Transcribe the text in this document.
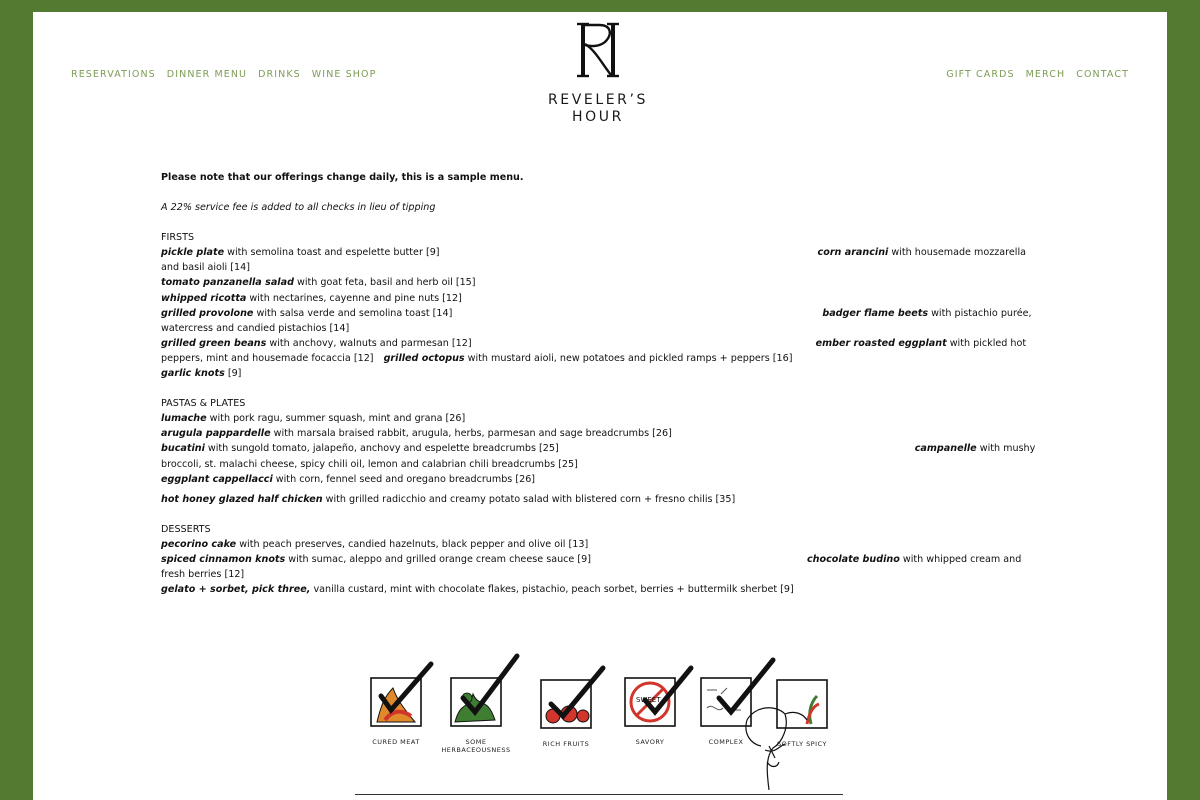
RESERVATIONS DINNER MENU DRINKS WINE SHOP
REVELER’S
HOUR
GIFT CARDS MERCH CONTACT
Please note that our offerings change daily, this is a sample menu.
A 22% service fee is added to all checks in lieu of tipping
FIRSTS
pickle plate with semolina toast and espelette butter [9]	corn arancini with housemade mozzarella and basil aioli [14]
tomato panzanella salad with goat feta, basil and herb oil [15]
whipped ricotta with nectarines, cayenne and pine nuts [12]
grilled provolone with salsa verde and semolina toast [14]	badger flame beets with pistachio purée, watercress and candied pistachios [14]
grilled green beans with anchovy, walnuts and parmesan [12]	ember roasted eggplant with pickled hot peppers, mint and housemade focaccia [12] grilled octopus with mustard aioli, new potatoes and pickled ramps + peppers [16]
garlic knots [9]
PASTAS & PLATES
lumache with pork ragu, summer squash, mint and grana [26]
arugula pappardelle with marsala braised rabbit, arugula, herbs, parmesan and sage breadcrumbs [26]
bucatini with sungold tomato, jalapeño, anchovy and espelette breadcrumbs [25]	campanelle with mushy broccoli, st. malachi cheese, spicy chili oil, lemon and calabrian chili breadcrumbs [25]
eggplant cappellacci with corn, fennel seed and oregano breadcrumbs [26]
hot honey glazed half chicken with grilled radicchio and creamy potato salad with blistered corn + fresno chilis [35]
DESSERTS
pecorino cake with peach preserves, candied hazelnuts, black pepper and olive oil [13]
spiced cinnamon knots with sumac, aleppo and grilled orange cream cheese sauce [9]	chocolate budino with whipped cream and fresh berries [12]
gelato + sorbet, pick three, vanilla custard, mint with chocolate flakes, pistachio, peach sorbet, berries + buttermilk sherbet [9]
SWEET
CURED MEAT	SOME HERBACEOUSNESS
RICH FRUITS	SAVORY	COMPLEX	SOFTLY SPICY
